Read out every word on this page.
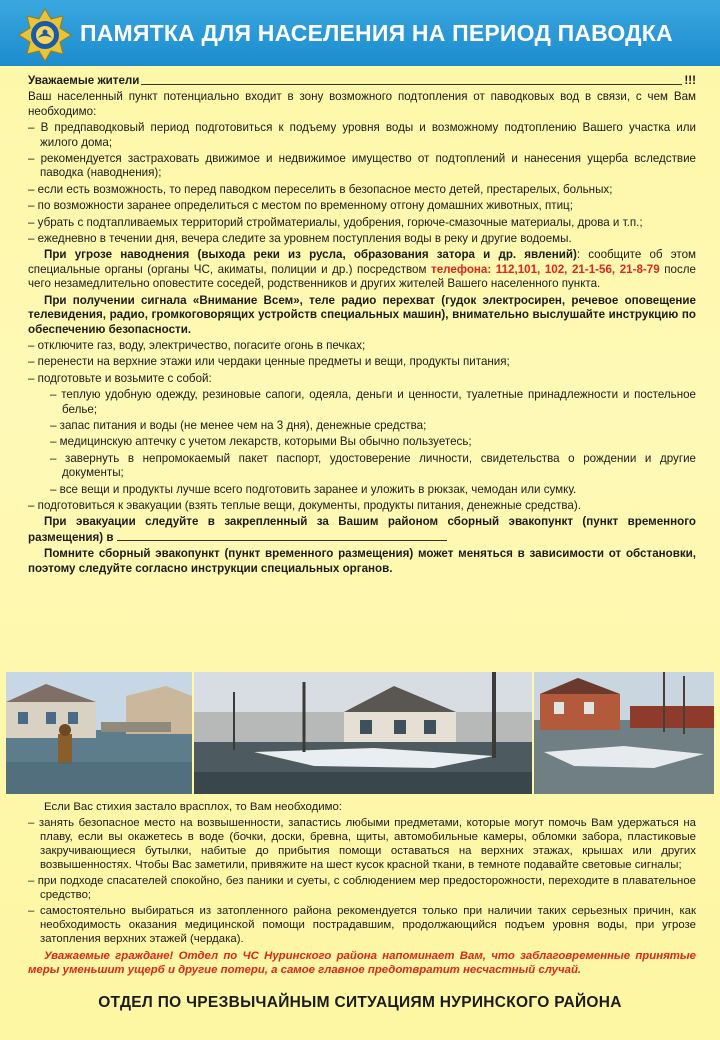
ПАМЯТКА ДЛЯ НАСЕЛЕНИЯ НА ПЕРИОД ПАВОДКА

Уважаемые жители	!!!

Ваш населенный пункт потенциально входит в зону возможного подтопления от паводковых вод в связи, с чем Вам необходимо:

– В предпаводковый период подготовиться к подъему уровня воды и возможному подтоплению Вашего участка или жилого дома;

– рекомендуется застраховать движимое и недвижимое имущество от подтоплений и нанесения ущерба вследствие паводка (наводнения);

– если есть возможность, то перед паводком переселить в безопасное место детей, престарелых, больных;

– по возможности заранее определиться с местом по временному отгону домашних животных, птиц;

– убрать с подтапливаемых территорий стройматериалы, удобрения, горюче-смазочные материалы, дрова и т.п.;

– ежедневно в течении дня, вечера следите за уровнем поступления воды в реку и другие водоемы.

При угрозе наводнения (выхода реки из русла, образования затора и др. явлений): сообщите об этом специальные органы (органы ЧС, акиматы, полиции и др.) посредством телефона: 112,101, 102, 21-1-56, 21-8-79 после чего незамедлительно оповестите соседей, родственников и других жителей Вашего населенного пункта.

При получении сигнала «Внимание Всем», теле радио перехват (гудок электросирен, речевое оповещение телевидения, радио, громкоговорящих устройств специальных машин), внимательно выслушайте инструкцию по обеспечению безопасности.

– отключите газ, воду, электричество, погасите огонь в печках;

– перенести на верхние этажи или чердаки ценные предметы и вещи, продукты питания;

– подготовьте и возьмите с собой:

– теплую удобную одежду, резиновые сапоги, одеяла, деньги и ценности, туалетные принадлежности и постельное белье;

– запас питания и воды (не менее чем на 3 дня), денежные средства;

– медицинскую аптечку с учетом лекарств, которыми Вы обычно пользуетесь;

– завернуть в непромокаемый пакет паспорт, удостоверение личности, свидетельства о рождении и другие документы;

– все вещи и продукты лучше всего подготовить заранее и уложить в рюкзак, чемодан или сумку.

– подготовиться к эвакуации (взять теплые вещи, документы, продукты питания, денежные средства).

При эвакуации следуйте в закрепленный за Вашим районом сборный эвакопункт (пункт временного размещения) в

Помните сборный эвакопункт (пункт временного размещения) может меняться в зависимости от обстановки, поэтому следуйте согласно инструкции специальных органов.

Если Вас стихия застало врасплох, то Вам необходимо:

– занять безопасное место на возвышенности, запастись любыми предметами, которые могут помочь Вам удержаться на плаву, если вы окажетесь в воде (бочки, доски, бревна, щиты, автомобильные камеры, обломки забора, пластиковые закручивающиеся бутылки, набитые до прибытия помощи оставаться на верхних этажах, крышах или других возвышенностях. Чтобы Вас заметили, привяжите на шест кусок красной ткани, в темноте подавайте световые сигналы;

– при подходе спасателей спокойно, без паники и суеты, с соблюдением мер предосторожности, переходите в плавательное средство;

– самостоятельно выбираться из затопленного района рекомендуется только при наличии таких серьезных причин, как необходимость оказания медицинской помощи пострадавшим, продолжающийся подъем уровня воды, при угрозе затопления верхних этажей (чердака).

Уважаемые граждане! Отдел по ЧС Нуринского района напоминает Вам, что заблаговременные принятые меры уменьшит ущерб и другие потери, а самое главное предотвратит несчастный случай.

ОТДЕЛ ПО ЧРЕЗВЫЧАЙНЫМ СИТУАЦИЯМ НУРИНСКОГО РАЙОНА
